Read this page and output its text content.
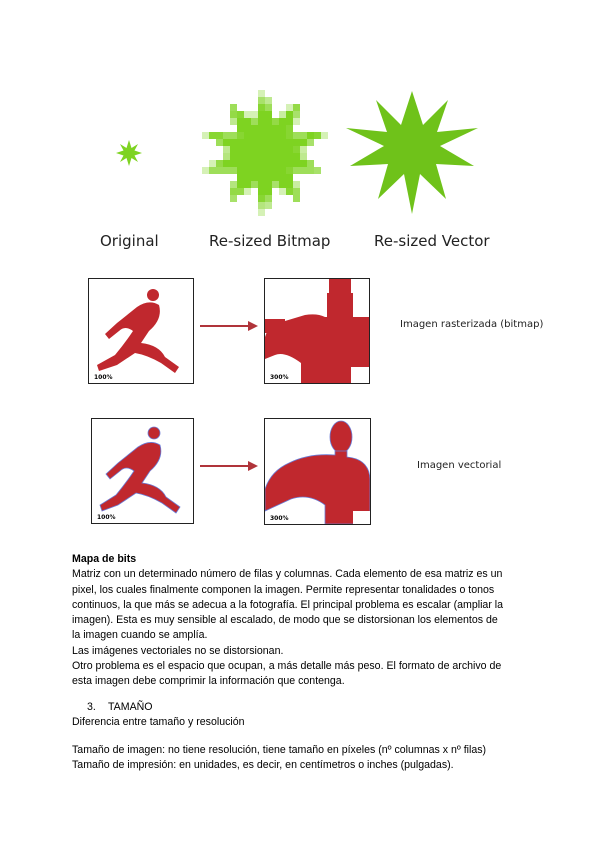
Original	Re-sized Bitmap	Re-sized Vector
100%	300%
Imagen rasterizada (bitmap)
100%	300%
Imagen vectorial

Mapa de bits

Matriz con un determinado número de filas y columnas. Cada elemento de esa matriz es un

pixel, los cuales finalmente componen la imagen. Permite representar tonalidades o tonos

continuos, la que más se adecua a la fotografía. El principal problema es escalar (ampliar la

imagen). Esta es muy sensible al escalado, de modo que se distorsionan los elementos de

la imagen cuando se amplía.

Las imágenes vectoriales no se distorsionan.

Otro problema es el espacio que ocupan, a más detalle más peso. El formato de archivo de

esta imagen debe comprimir la información que contenga.

3. TAMAÑO
Diferencia entre tamaño y resolución
Tamaño de imagen: no tiene resolución, tiene tamaño en píxeles (nº columnas x nº filas)
Tamaño de impresión: en unidades, es decir, en centímetros o inches (pulgadas).
